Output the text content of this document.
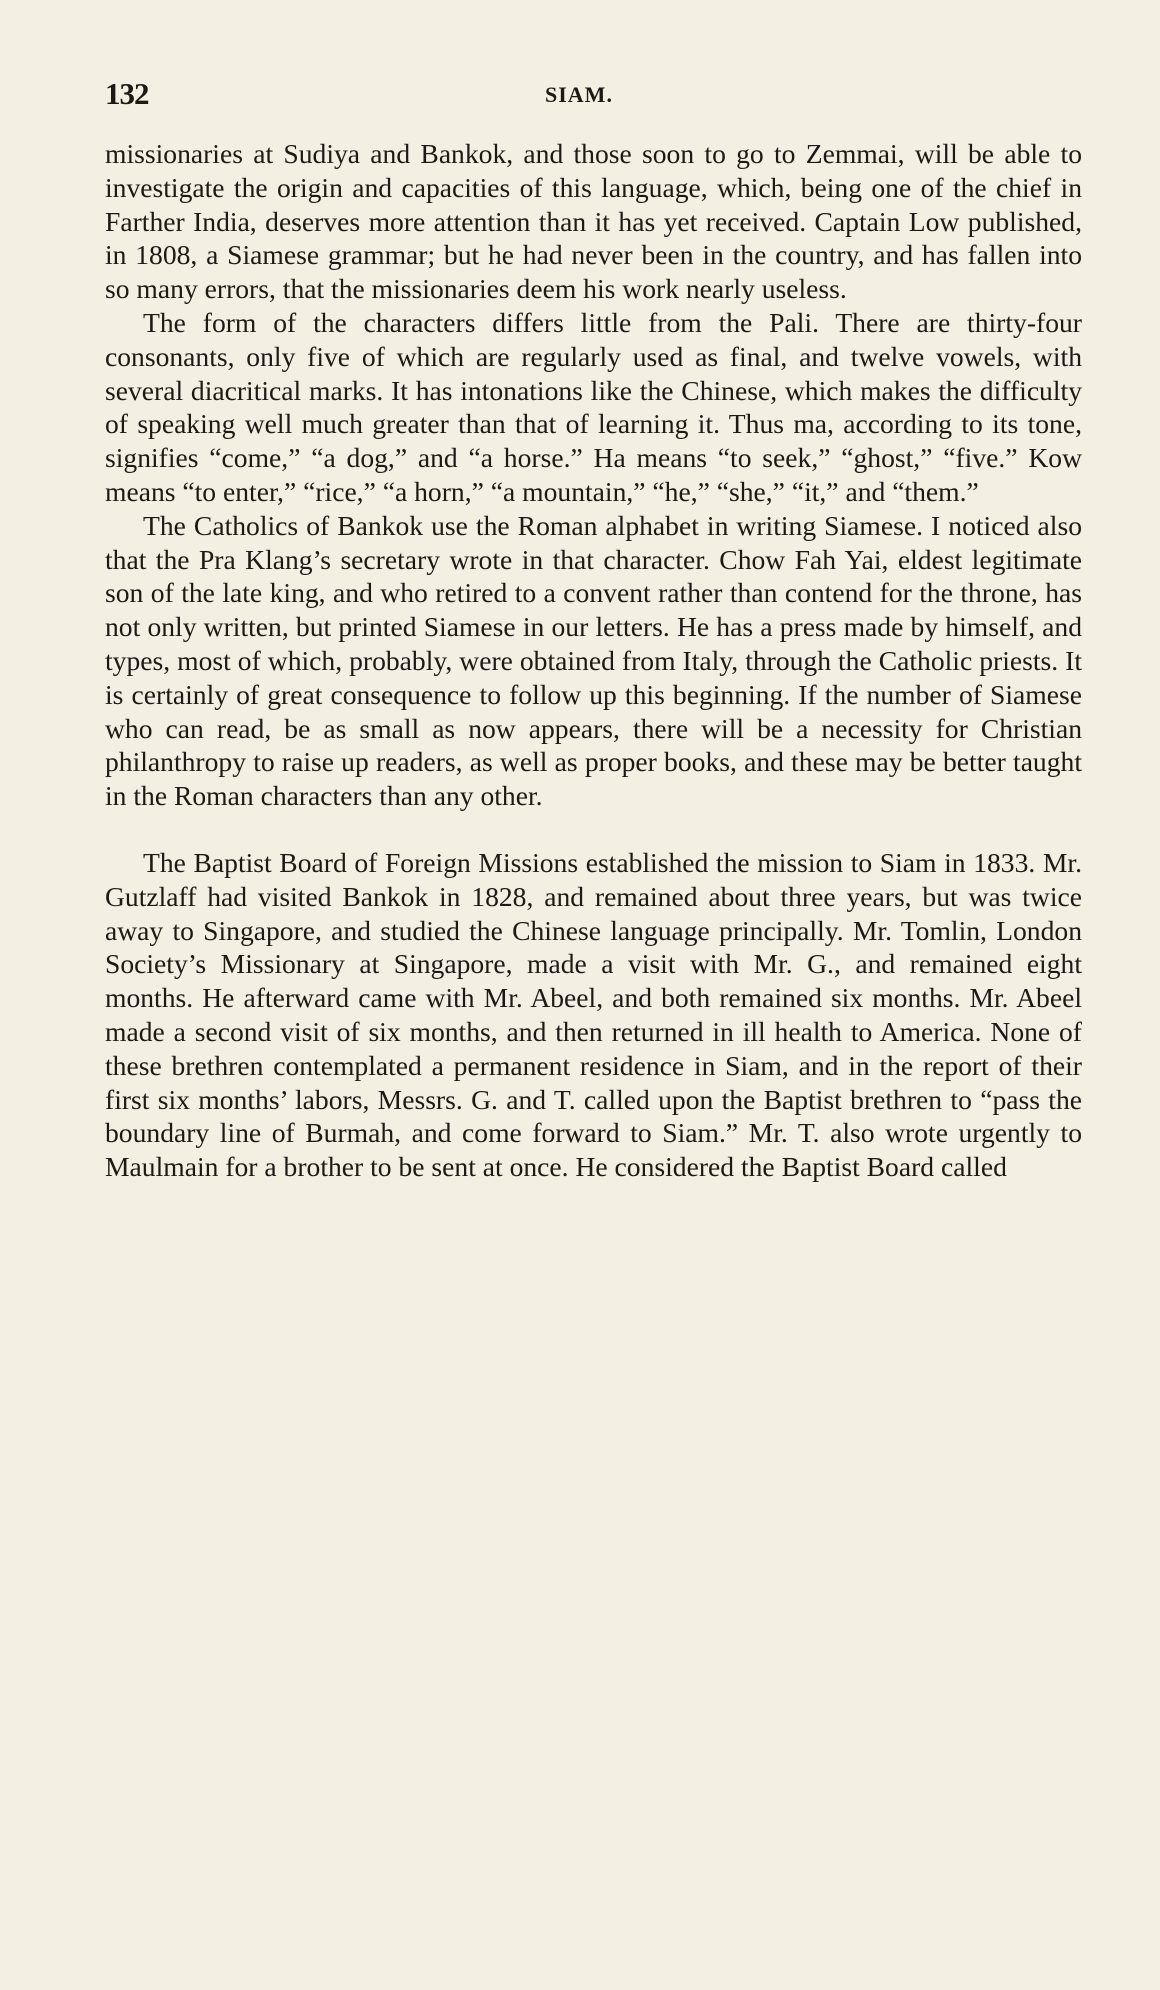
132	SIAM.

missionaries at Sudiya and Bankok, and those soon to go to Zemmai, will be able to investigate the origin and capacities of this language, which, being one of the chief in Farther India, deserves more attention than it has yet received. Captain Low published, in 1808, a Siamese grammar; but he had never been in the country, and has fallen into so many errors, that the missionaries deem his work nearly useless.

The form of the characters differs little from the Pali. There are thirty-four consonants, only five of which are regularly used as final, and twelve vowels, with several diacritical marks. It has intonations like the Chinese, which makes the difficulty of speaking well much greater than that of learning it. Thus ma, according to its tone, signifies “come,” “a dog,” and “a horse.” Ha means “to seek,” “ghost,” “five.” Kow means “to enter,” “rice,” “a horn,” “a mountain,” “he,” “she,” “it,” and “them.”

The Catholics of Bankok use the Roman alphabet in writing Siamese. I noticed also that the Pra Klang’s secretary wrote in that character. Chow Fah Yai, eldest legitimate son of the late king, and who retired to a convent rather than contend for the throne, has not only written, but printed Siamese in our letters. He has a press made by himself, and types, most of which, probably, were obtained from Italy, through the Catholic priests. It is certainly of great consequence to follow up this beginning. If the number of Siamese who can read, be as small as now appears, there will be a necessity for Christian philanthropy to raise up readers, as well as proper books, and these may be better taught in the Roman characters than any other.

The Baptist Board of Foreign Missions established the mission to Siam in 1833. Mr. Gutzlaff had visited Bankok in 1828, and remained about three years, but was twice away to Singapore, and studied the Chinese language principally. Mr. Tomlin, London Society’s Missionary at Singapore, made a visit with Mr. G., and remained eight months. He afterward came with Mr. Abeel, and both remained six months. Mr. Abeel made a second visit of six months, and then returned in ill health to America. None of these brethren contemplated a permanent residence in Siam, and in the report of their first six months’ labors, Messrs. G. and T. called upon the Baptist brethren to “pass the boundary line of Burmah, and come forward to Siam.” Mr. T. also wrote urgently to Maulmain for a brother to be sent at once. He considered the Baptist Board called
